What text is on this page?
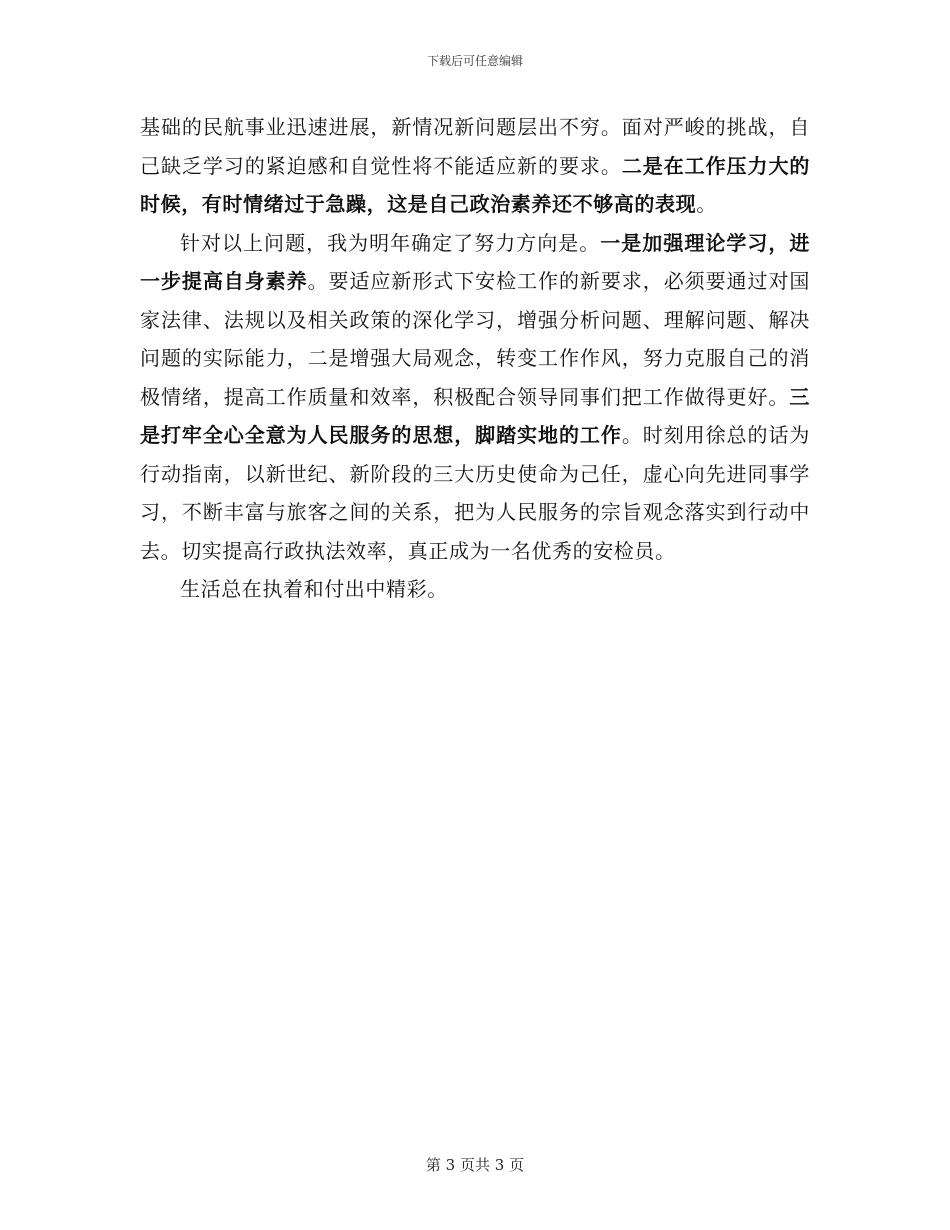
下载后可任意编辑

基础的民航事业迅速进展，新情况新问题层出不穷。面对严峻的挑战，自己缺乏学习的紧迫感和自觉性将不能适应新的要求。二是在工作压力大的时候，有时情绪过于急躁，这是自己政治素养还不够高的表现。

针对以上问题，我为明年确定了努力方向是。一是加强理论学习，进一步提高自身素养。要适应新形式下安检工作的新要求，必须要通过对国家法律、法规以及相关政策的深化学习，增强分析问题、理解问题、解决问题的实际能力，二是增强大局观念，转变工作作风，努力克服自己的消极情绪，提高工作质量和效率，积极配合领导同事们把工作做得更好。三是打牢全心全意为人民服务的思想，脚踏实地的工作。时刻用徐总的话为行动指南，以新世纪、新阶段的三大历史使命为己任，虚心向先进同事学习，不断丰富与旅客之间的关系，把为人民服务的宗旨观念落实到行动中去。切实提高行政执法效率，真正成为一名优秀的安检员。

生活总在执着和付出中精彩。

第 3 页共 3 页
